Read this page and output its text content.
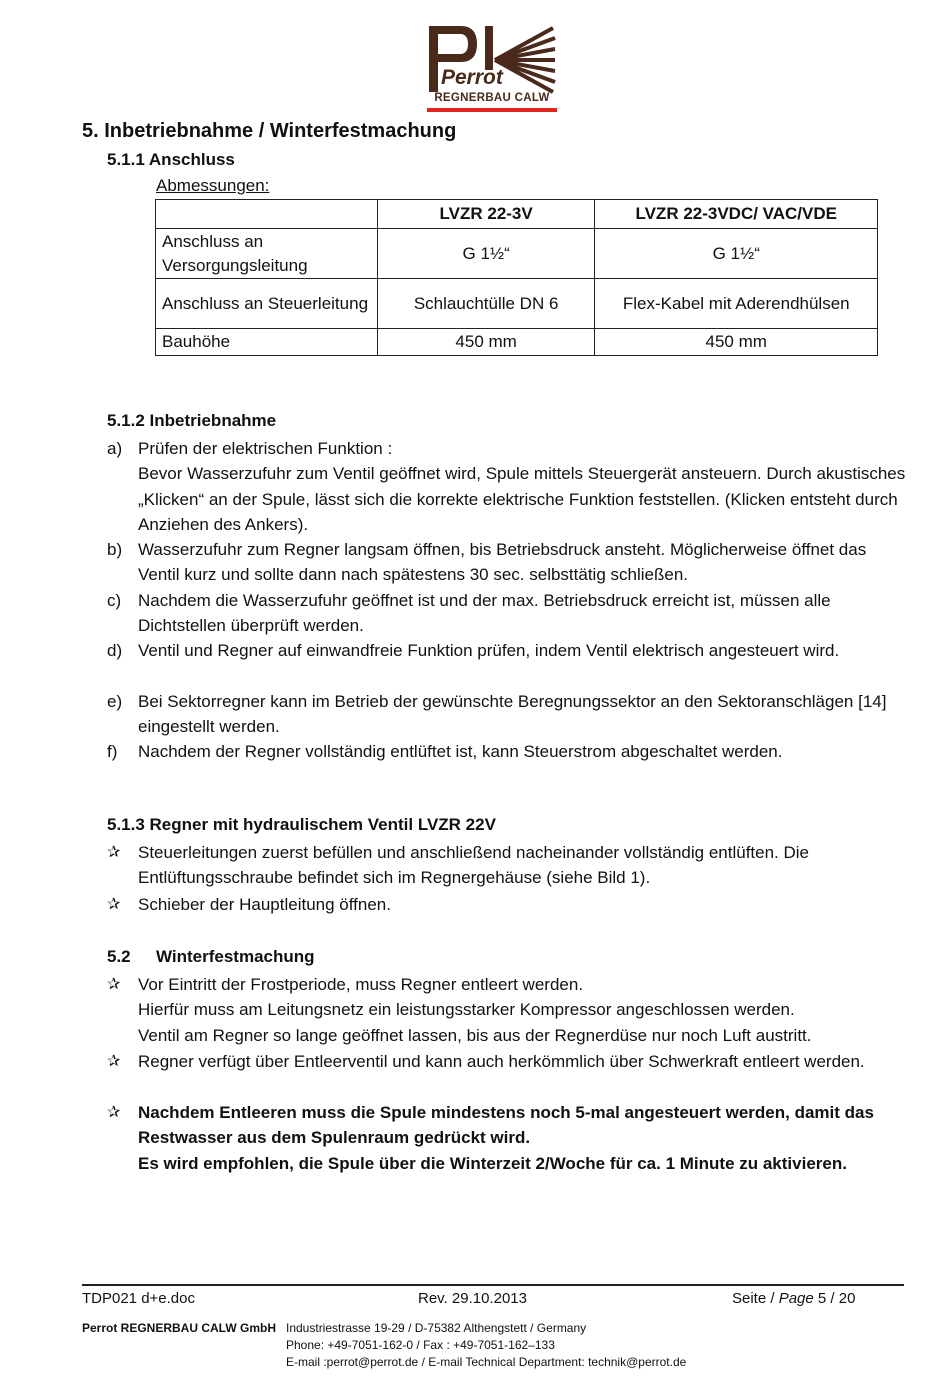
Perrot
REGNERBAU CALW
5. Inbetriebnahme / Winterfestmachung
5.1.1 Anschluss
Abmessungen:
	LVZR 22-3V	LVZR 22-3VDC/ VAC/VDE
Anschluss an Versorgungsleitung	G 1½“	G 1½“
Anschluss an Steuerleitung	Schlauchtülle DN 6	Flex-Kabel mit Aderendhülsen
Bauhöhe	450 mm	450 mm
5.1.2 Inbetriebnahme
a) Prüfen der elektrischen Funktion :
Bevor Wasserzufuhr zum Ventil geöffnet wird, Spule mittels Steuergerät ansteuern. Durch akustisches „Klicken“ an der Spule, lässt sich die korrekte elektrische Funktion feststellen. (Klicken entsteht durch Anziehen des Ankers).
b) Wasserzufuhr zum Regner langsam öffnen, bis Betriebsdruck ansteht. Möglicherweise öffnet das Ventil kurz und sollte dann nach spätestens 30 sec. selbsttätig schließen.
c) Nachdem die Wasserzufuhr geöffnet ist und der max. Betriebsdruck erreicht ist, müssen alle Dichtstellen überprüft werden.
d) Ventil und Regner auf einwandfreie Funktion prüfen, indem Ventil elektrisch angesteuert wird.
e) Bei Sektorregner kann im Betrieb der gewünschte Beregnungssektor an den Sektoranschlägen [14] eingestellt werden.
f) Nachdem der Regner vollständig entlüftet ist, kann Steuerstrom abgeschaltet werden.
5.1.3 Regner mit hydraulischem Ventil LVZR 22V
✰ Steuerleitungen zuerst befüllen und anschließend nacheinander vollständig entlüften. Die Entlüftungsschraube befindet sich im Regnergehäuse (siehe Bild 1).
✰ Schieber der Hauptleitung öffnen.
5.2 Winterfestmachung
✰ Vor Eintritt der Frostperiode, muss Regner entleert werden.
Hierfür muss am Leitungsnetz ein leistungsstarker Kompressor angeschlossen werden.
Ventil am Regner so lange geöffnet lassen, bis aus der Regnerdüse nur noch Luft austritt.
✰ Regner verfügt über Entleerventil und kann auch herkömmlich über Schwerkraft entleert werden.
✰ Nachdem Entleeren muss die Spule mindestens noch 5-mal angesteuert werden, damit das Restwasser aus dem Spulenraum gedrückt wird.
Es wird empfohlen, die Spule über die Winterzeit 2/Woche für ca. 1 Minute zu aktivieren.
TDP021 d+e.doc	Rev. 29.10.2013	Seite / Page 5 / 20
Perrot REGNERBAU CALW GmbH Industriestrasse 19-29 / D-75382 Althengstett / Germany
Phone: +49-7051-162-0 / Fax : +49-7051-162–133
E-mail :perrot@perrot.de / E-mail Technical Department: technik@perrot.de
